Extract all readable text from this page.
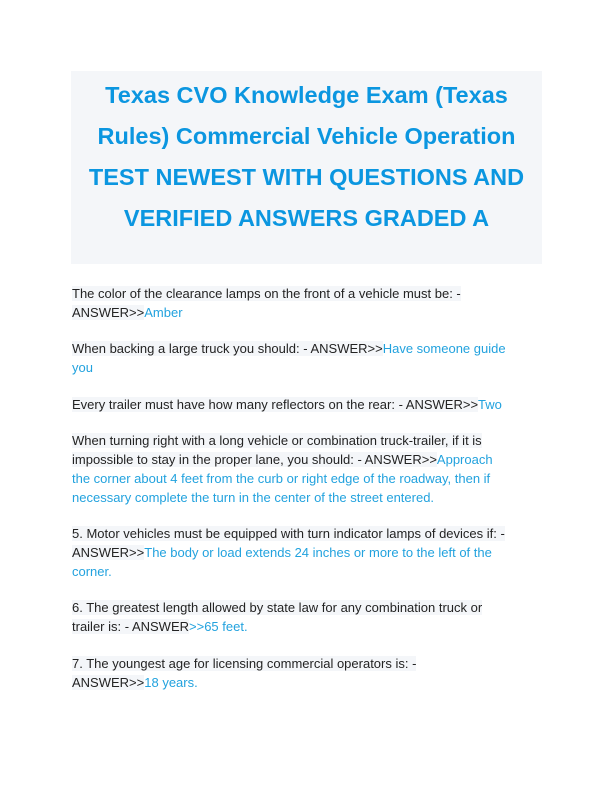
Texas CVO Knowledge Exam (Texas
Rules) Commercial Vehicle Operation
TEST NEWEST WITH QUESTIONS AND
VERIFIED ANSWERS GRADED A
The color of the clearance lamps on the front of a vehicle must be: -
ANSWER>>Amber
When backing a large truck you should: - ANSWER>>Have someone guide
you
Every trailer must have how many reflectors on the rear: - ANSWER>>Two
When turning right with a long vehicle or combination truck-trailer, if it is
impossible to stay in the proper lane, you should: - ANSWER>>Approach
the corner about 4 feet from the curb or right edge of the roadway, then if
necessary complete the turn in the center of the street entered.
5. Motor vehicles must be equipped with turn indicator lamps of devices if: -
ANSWER>>The body or load extends 24 inches or more to the left of the
corner.
6. The greatest length allowed by state law for any combination truck or
trailer is: - ANSWER>>65 feet.
7. The youngest age for licensing commercial operators is: -
ANSWER>>18 years.
